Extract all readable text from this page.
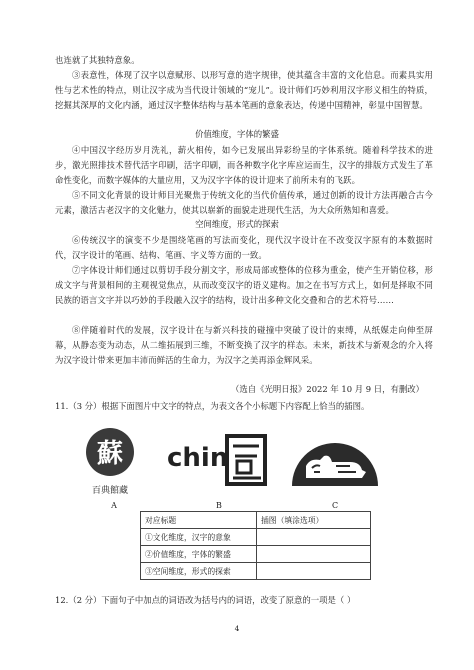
也连就了其独特意象。

③表意性，体现了汉字以意赋形、以形写意的造字规律，使其蕴含丰富的文化信息。而素具实用性与艺术性的特点，则让汉字成为当代设计领域的“宠儿”。设计师们巧妙利用汉字形义相生的特质，挖掘其深厚的文化内涵，通过汉字整体结构与基本笔画的意象表达，传递中国精神，彰显中国智慧。

价值维度，字体的繁盛

④中国汉字经历岁月洗礼，薪火相传，如今已发展出异彩纷呈的字体系统。随着科学技术的进步，激光照排技术替代活字印刷，活字印刷，而各种数字化字库应运而生，汉字的排版方式发生了革命性变化，而数字媒体的大量应用，又为汉字字体的设计迎来了前所未有的飞跃。

⑤不同文化背景的设计师目光聚焦于传统文化的当代价值传承，通过创新的设计方法再融合古今元素，激活古老汉字的文化魅力，使其以崭新的面貌走进现代生活，为大众所熟知和喜爱。

空间维度，形式的探索

⑥传统汉字的演变不少是围绕笔画的写法而变化，现代汉字设计在不改变汉字原有的本数据时代，汉字设计的笔画、结构、笔画、字义等方面的一致。

⑦字体设计师们通过以剪切手段分割文字，形成局部或整体的位移为重金，使产生开销位移，形成文字与背景相间的主观视觉焦点，从而改变汉字的语义建构。加之在书写方式上，如何是择取不同民族的语言文字并以巧妙的手段融入汉字的结构，设计出多种文化交叠和合的艺术符号……

⑧伴随着时代的发展，汉字设计在与新兴科技的碰撞中突破了设计的束缚，从纸媒走向伸至屏幕，从静态变为动态，从二维拓展到三维，不断变换了汉字的样态。未来，新技术与新观念的介入将为汉字设计带来更加丰沛而鲜活的生命力，为汉字之美再添金辉风采。

（选自《光明日报》2022 年 10 月 9 日，有删改）

11.（3 分）根据下面图片中文字的特点，为表文各个小标题下内容配上恰当的插图。

蘇
百典館藏
chin
A	B	C
对应标题	插图（填涂选项）
①文化维度，汉字的意象	
②价值维度，字体的繁盛	
③空间维度，形式的探索	

12.（2 分）下面句子中加点的词语改为括号内的词语，改变了原意的一项是（ ）

4
